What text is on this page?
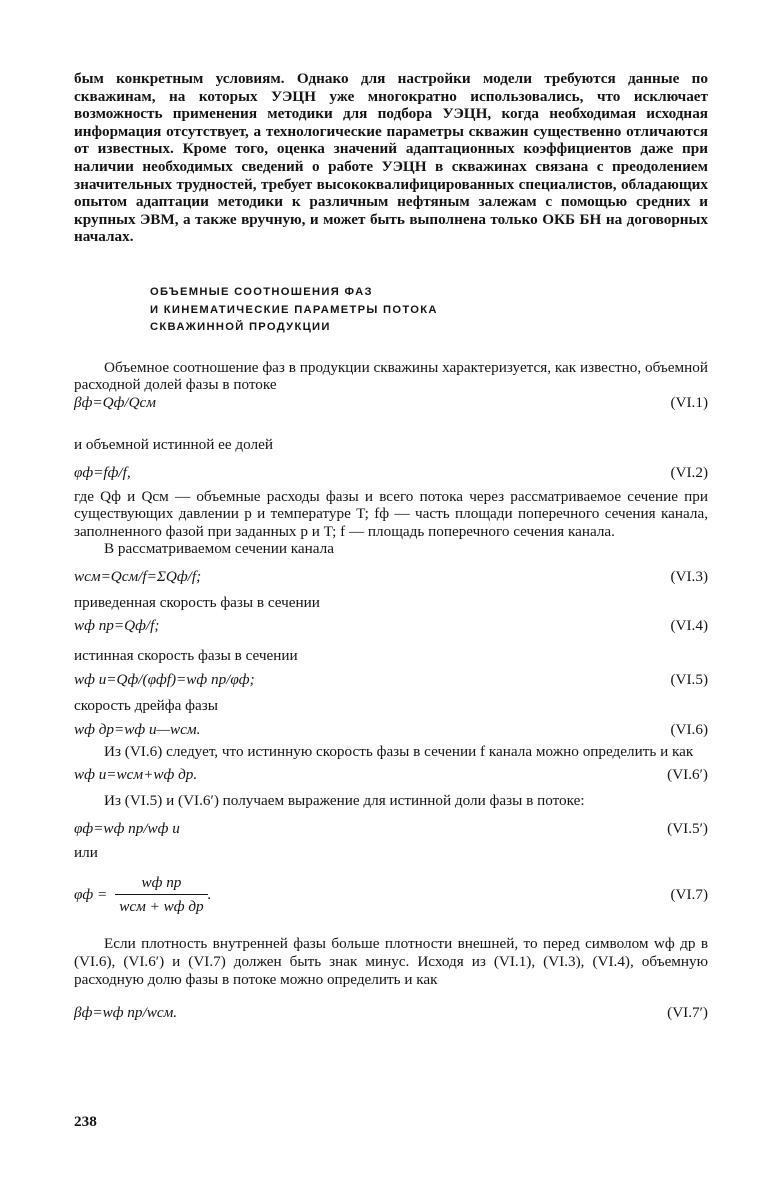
бым конкретным условиям. Однако для настройки модели требуются данные по скважинам, на которых УЭЦН уже многократно использовались, что исключает возможность применения методики для подбора УЭЦН, когда необходимая исходная информация отсутствует, а технологические параметры скважин существенно отличаются от известных. Кроме того, оценка значений адаптационных коэффициентов даже при наличии необходимых сведений о работе УЭЦН в скважинах связана с преодолением значительных трудностей, требует высококвалифицированных специалистов, обладающих опытом адаптации методики к различным нефтяным залежам с помощью средних и крупных ЭВМ, а также вручную, и может быть выполнена только ОКБ БН на договорных началах.

ОБЪЕМНЫЕ СООТНОШЕНИЯ ФАЗ
И КИНЕМАТИЧЕСКИЕ ПАРАМЕТРЫ ПОТОКА
СКВАЖИННОЙ ПРОДУКЦИИ

Объемное соотношение фаз в продукции скважины характеризуется, как известно, объемной расходной долей фазы в потоке

βф=Qф/Qсм	(VI.1)

и объемной истинной ее долей

φф=fф/f,	(VI.2)

где Qф и Qсм — объемные расходы фазы и всего потока через рассматриваемое сечение при существующих давлении p и температуре T; fф — часть площади поперечного сечения канала, заполненного фазой при заданных p и T; f — площадь поперечного сечения канала.

В рассматриваемом сечении канала

wсм=Qсм/f=ΣQф/f;	(VI.3)

приведенная скорость фазы в сечении

wф пр=Qф/f;	(VI.4)

истинная скорость фазы в сечении

wф и=Qф/(φфf)=wф пр/φф;	(VI.5)

скорость дрейфа фазы

wф др=wф и—wсм.	(VI.6)

Из (VI.6) следует, что истинную скорость фазы в сечении f канала можно определить и как

wф и=wсм+wф др.	(VI.6′)

Из (VI.5) и (VI.6′) получаем выражение для истинной доли фазы в потоке:

φф=wф пр/wф и	(VI.5′)

или

$\varphi ф = \frac{\text{wф пр}}{\text{wсм + wф др}}$ .	(VI.7)

Если плотность внутренней фазы больше плотности внешней, то перед символом wф др в (VI.6), (VI.6′) и (VI.7) должен быть знак минус. Исходя из (VI.1), (VI.3), (VI.4), объемную расходную долю фазы в потоке можно определить и как

βф=wф пр/wсм.	(VI.7′)
238
